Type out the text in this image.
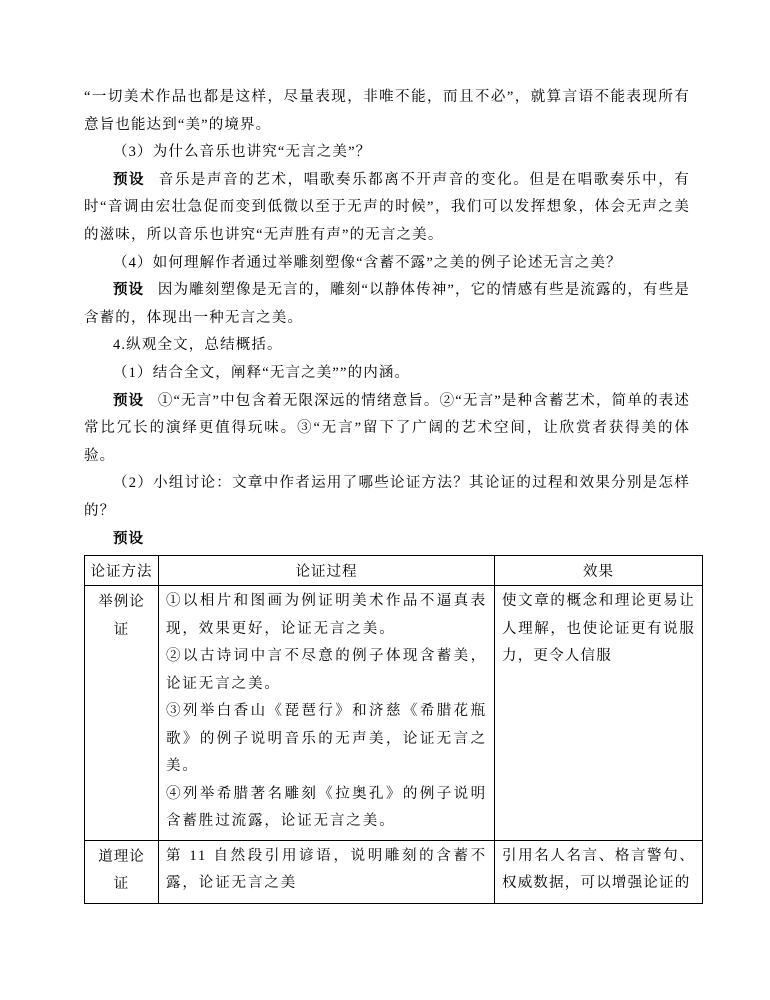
“一切美术作品也都是这样，尽量表现，非唯不能，而且不必”，就算言语不能表现所有意旨也能达到“美”的境界。

（3）为什么音乐也讲究“无言之美”？

预设 音乐是声音的艺术，唱歌奏乐都离不开声音的变化。但是在唱歌奏乐中，有时“音调由宏壮急促而变到低微以至于无声的时候”，我们可以发挥想象，体会无声之美的滋味，所以音乐也讲究“无声胜有声”的无言之美。

（4）如何理解作者通过举雕刻塑像“含蓄不露”之美的例子论述无言之美？

预设 因为雕刻塑像是无言的，雕刻“以静体传神”，它的情感有些是流露的，有些是含蓄的，体现出一种无言之美。

4.纵观全文，总结概括。

（1）结合全文，阐释“无言之美””的内涵。

预设 ①“无言”中包含着无限深远的情绪意旨。②“无言”是种含蓄艺术，简单的表述常比冗长的演绎更值得玩味。③“无言”留下了广阔的艺术空间，让欣赏者获得美的体验。

（2）小组讨论：文章中作者运用了哪些论证方法？其论证的过程和效果分别是怎样的？

预设

论证方法	论证过程	效果
举例论证	①以相片和图画为例证明美术作品不逼真表现，效果更好，论证无言之美。

②以古诗词中言不尽意的例子体现含蓄美，论证无言之美。

③列举白香山《琵琶行》和济慈《希腊花瓶歌》的例子说明音乐的无声美，论证无言之美。

④列举希腊著名雕刻《拉奥孔》的例子说明含蓄胜过流露，论证无言之美。	使文章的概念和理论更易让人理解，也使论证更有说服力，更令人信服
道理论证	第 11 自然段引用谚语，说明雕刻的含蓄不露，论证无言之美	引用名人名言、格言警句、权威数据，可以增强论证的
